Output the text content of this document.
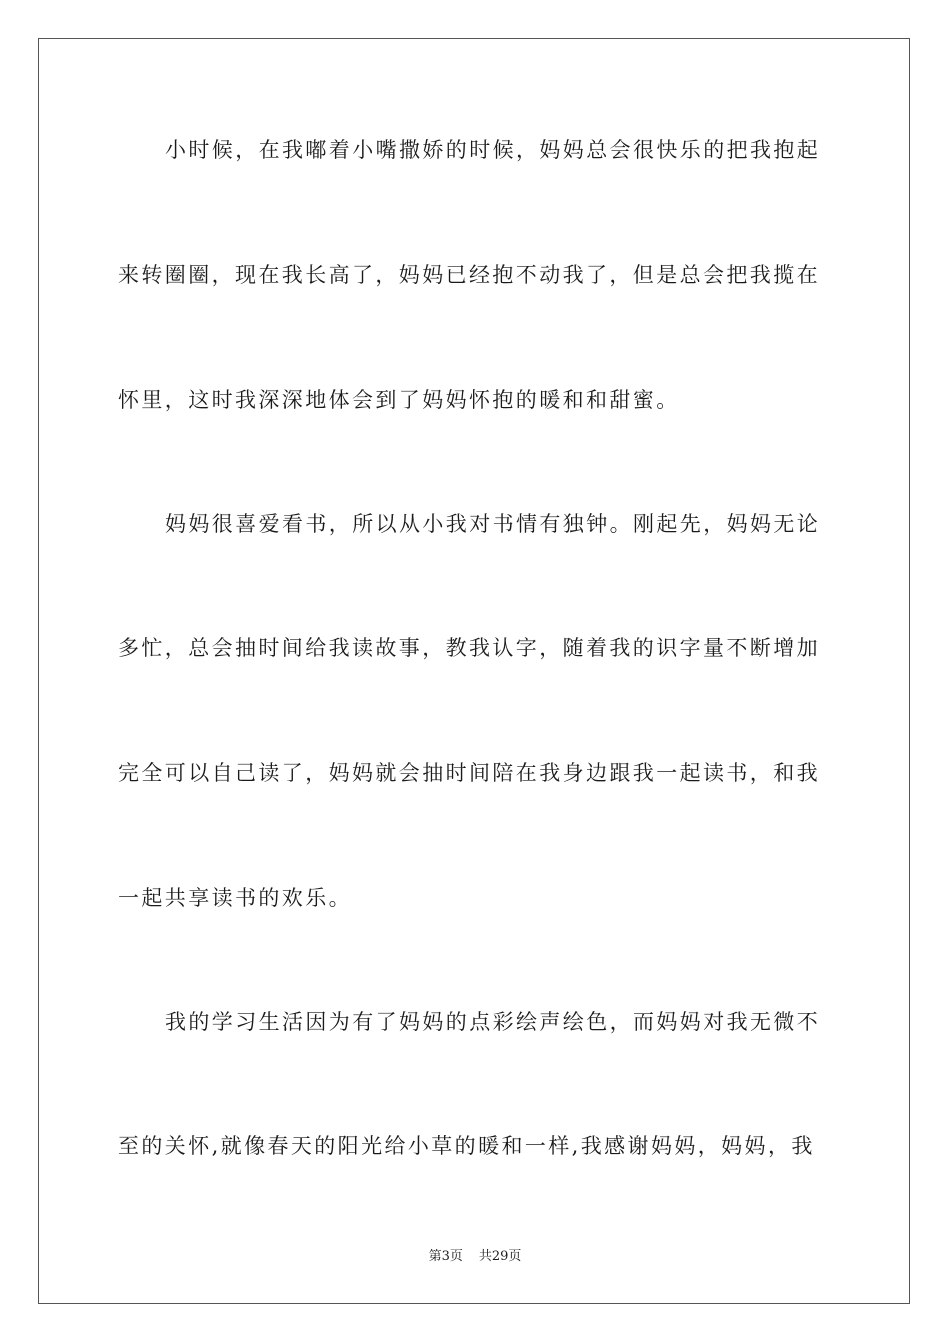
小时候，在我嘟着小嘴撒娇的时候，妈妈总会很快乐的把我抱起
来转圈圈，现在我长高了，妈妈已经抱不动我了，但是总会把我揽在
怀里，这时我深深地体会到了妈妈怀抱的暖和和甜蜜。
妈妈很喜爱看书，所以从小我对书情有独钟。刚起先，妈妈无论
多忙，总会抽时间给我读故事，教我认字，随着我的识字量不断增加
完全可以自己读了，妈妈就会抽时间陪在我身边跟我一起读书，和我
一起共享读书的欢乐。
我的学习生活因为有了妈妈的点彩绘声绘色，而妈妈对我无微不
至的关怀,就像春天的阳光给小草的暖和一样,我感谢妈妈，妈妈，我
第3页 共29页
